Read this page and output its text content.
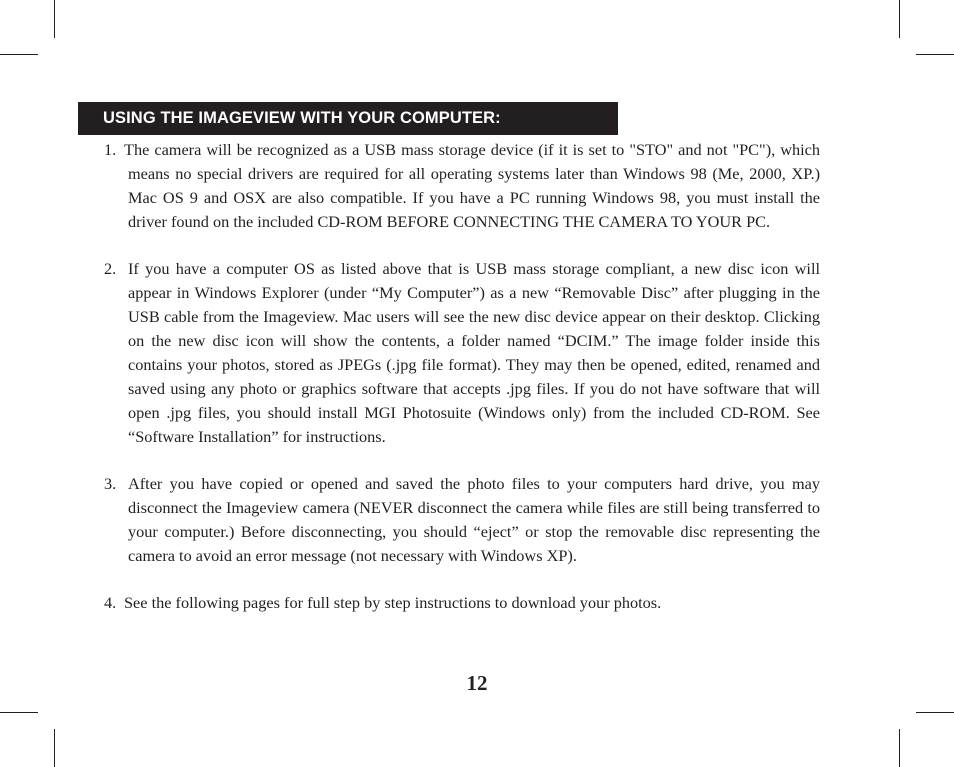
USING THE IMAGEVIEW WITH YOUR COMPUTER:

1. The camera will be recognized as a USB mass storage device (if it is set to "STO" and not "PC"), which means no special drivers are required for all operating systems later than Windows 98 (Me, 2000, XP.) Mac OS 9 and OSX are also compatible. If you have a PC running Windows 98, you must install the driver found on the included CD-ROM BEFORE CONNECTING THE CAMERA TO YOUR PC.

2. If you have a computer OS as listed above that is USB mass storage compliant, a new disc icon will appear in Windows Explorer (under “My Computer”) as a new “Removable Disc” after plugging in the USB cable from the Imageview. Mac users will see the new disc device appear on their desktop. Clicking on the new disc icon will show the contents, a folder named “DCIM.” The image folder inside this contains your photos, stored as JPEGs (.jpg file format). They may then be opened, edited, renamed and saved using any photo or graphics software that accepts .jpg files. If you do not have software that will open .jpg files, you should install MGI Photosuite (Windows only) from the included CD-ROM. See “Software Installation” for instructions.

3. After you have copied or opened and saved the photo files to your computers hard drive, you may disconnect the Imageview camera (NEVER disconnect the camera while files are still being transferred to your computer.) Before disconnecting, you should “eject” or stop the removable disc representing the camera to avoid an error message (not necessary with Windows XP).

4. See the following pages for full step by step instructions to download your photos.

12
